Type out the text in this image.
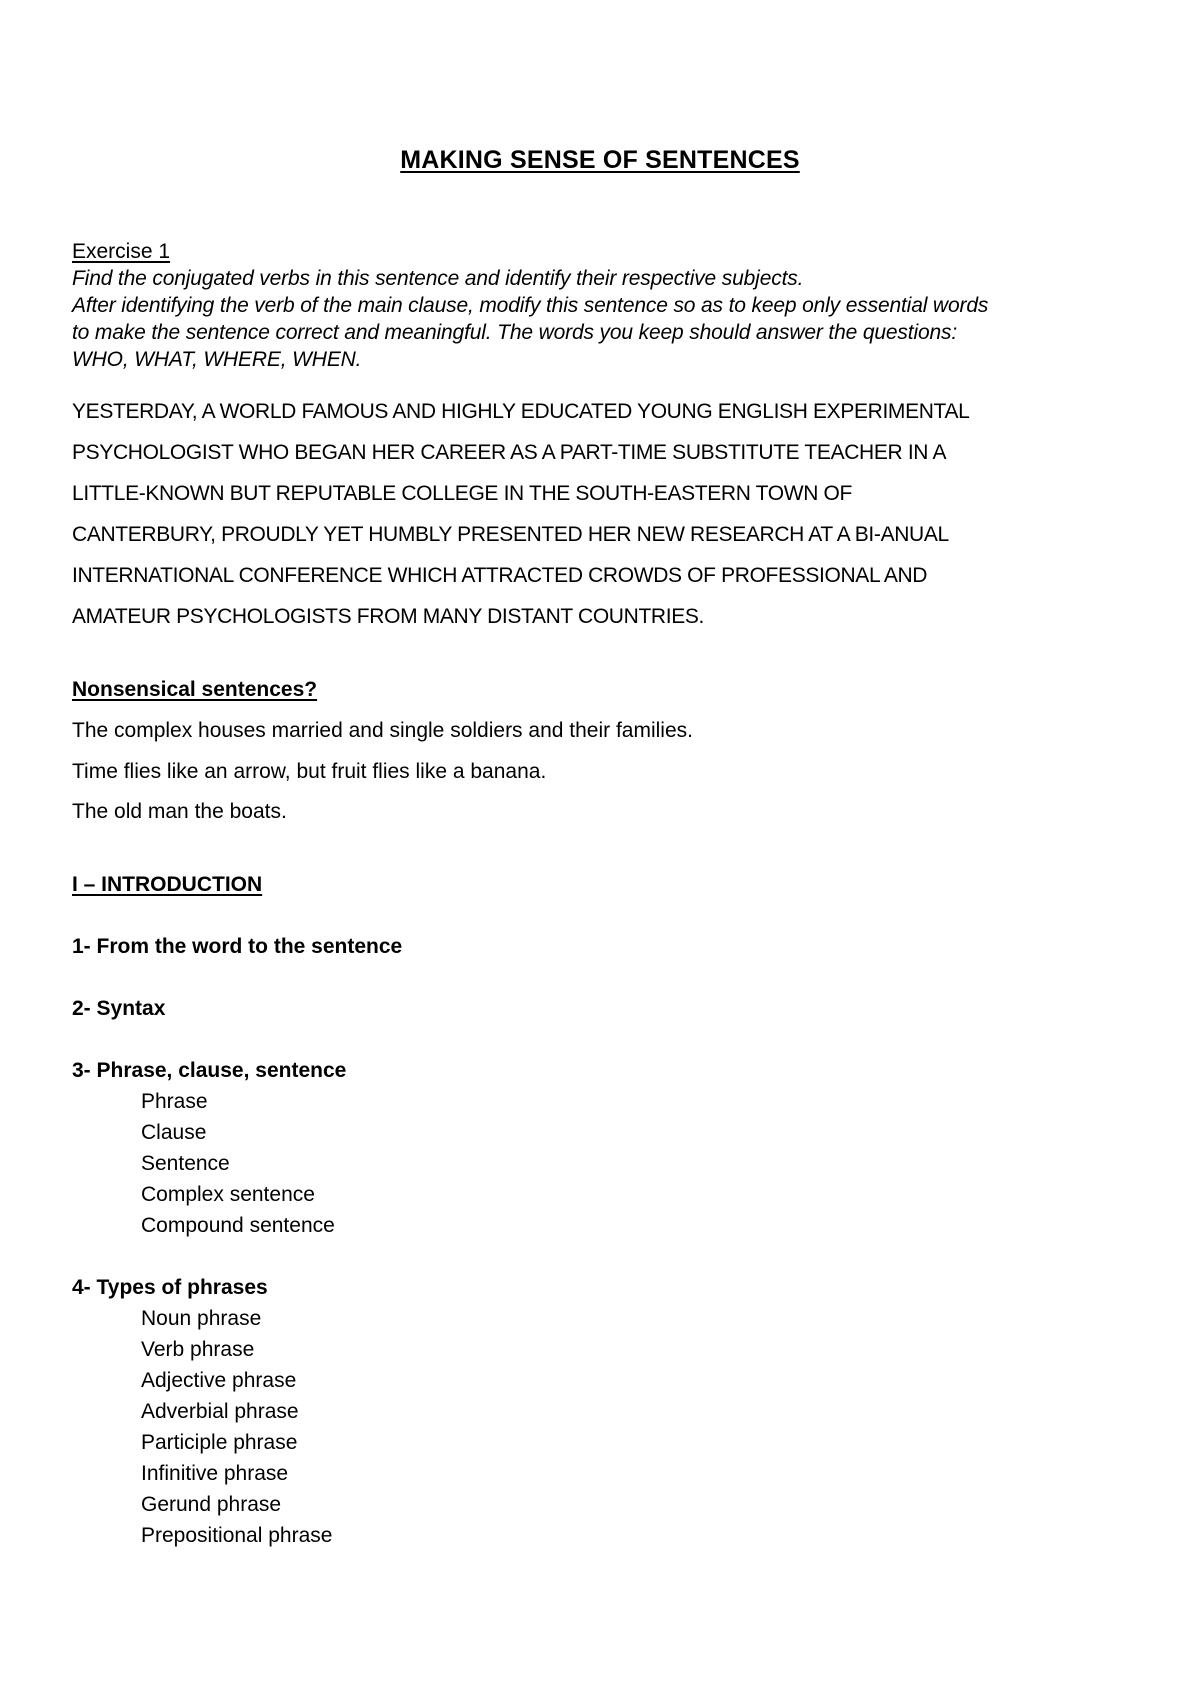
MAKING SENSE OF SENTENCES
Exercise 1
Find the conjugated verbs in this sentence and identify their respective subjects.
After identifying the verb of the main clause, modify this sentence so as to keep only essential words
to make the sentence correct and meaningful. The words you keep should answer the questions:
WHO, WHAT, WHERE, WHEN.
YESTERDAY, A WORLD FAMOUS AND HIGHLY EDUCATED YOUNG ENGLISH EXPERIMENTAL
PSYCHOLOGIST WHO BEGAN HER CAREER AS A PART-TIME SUBSTITUTE TEACHER IN A
LITTLE-KNOWN BUT REPUTABLE COLLEGE IN THE SOUTH-EASTERN TOWN OF
CANTERBURY, PROUDLY YET HUMBLY PRESENTED HER NEW RESEARCH AT A BI-ANUAL
INTERNATIONAL CONFERENCE WHICH ATTRACTED CROWDS OF PROFESSIONAL AND
AMATEUR PSYCHOLOGISTS FROM MANY DISTANT COUNTRIES.
Nonsensical sentences?
The complex houses married and single soldiers and their families.
Time flies like an arrow, but fruit flies like a banana.
The old man the boats.
I – INTRODUCTION
1- From the word to the sentence
2- Syntax
3- Phrase, clause, sentence
Phrase
Clause
Sentence
Complex sentence
Compound sentence
4- Types of phrases
Noun phrase
Verb phrase
Adjective phrase
Adverbial phrase
Participle phrase
Infinitive phrase
Gerund phrase
Prepositional phrase
